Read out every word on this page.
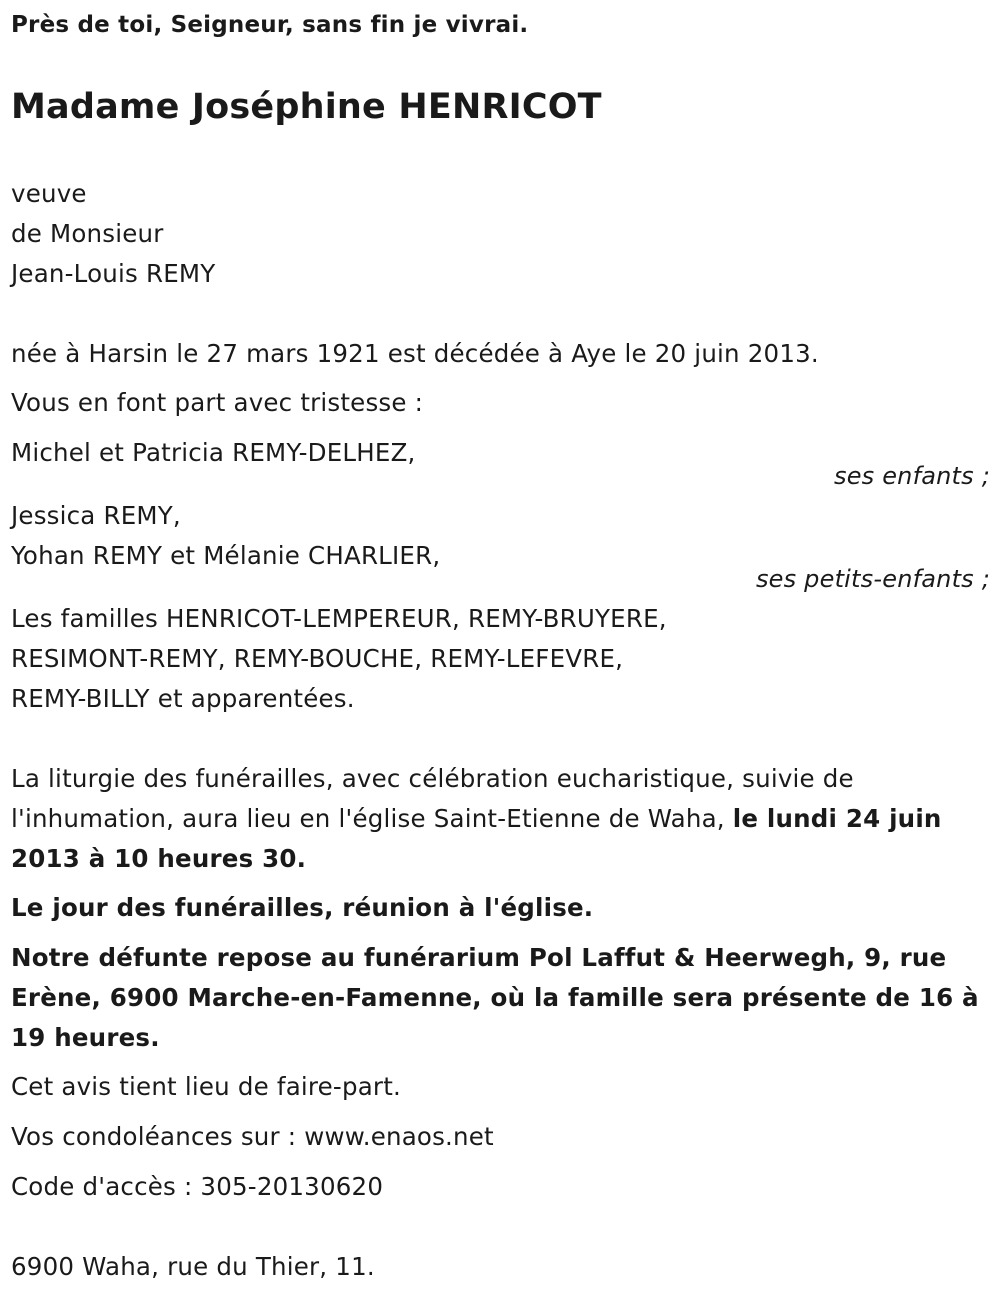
Près de toi, Seigneur, sans fin je vivrai.
Madame Joséphine HENRICOT
veuve
de Monsieur
Jean-Louis REMY
née à Harsin le 27 mars 1921 est décédée à Aye le 20 juin 2013.
Vous en font part avec tristesse :
Michel et Patricia REMY-DELHEZ,
ses enfants ;
Jessica REMY,
Yohan REMY et Mélanie CHARLIER,
ses petits-enfants ;
Les familles HENRICOT-LEMPEREUR, REMY-BRUYERE,
RESIMONT-REMY, REMY-BOUCHE, REMY-LEFEVRE,
REMY-BILLY et apparentées.
La liturgie des funérailles, avec célébration eucharistique, suivie de
l'inhumation, aura lieu en l'église Saint-Etienne de Waha, le lundi 24 juin
2013 à 10 heures 30.
Le jour des funérailles, réunion à l'église.
Notre défunte repose au funérarium Pol Laffut & Heerwegh, 9, rue
Erène, 6900 Marche-en-Famenne, où la famille sera présente de 16 à
19 heures.
Cet avis tient lieu de faire-part.
Vos condoléances sur : www.enaos.net
Code d'accès : 305-20130620
6900 Waha, rue du Thier, 11.
